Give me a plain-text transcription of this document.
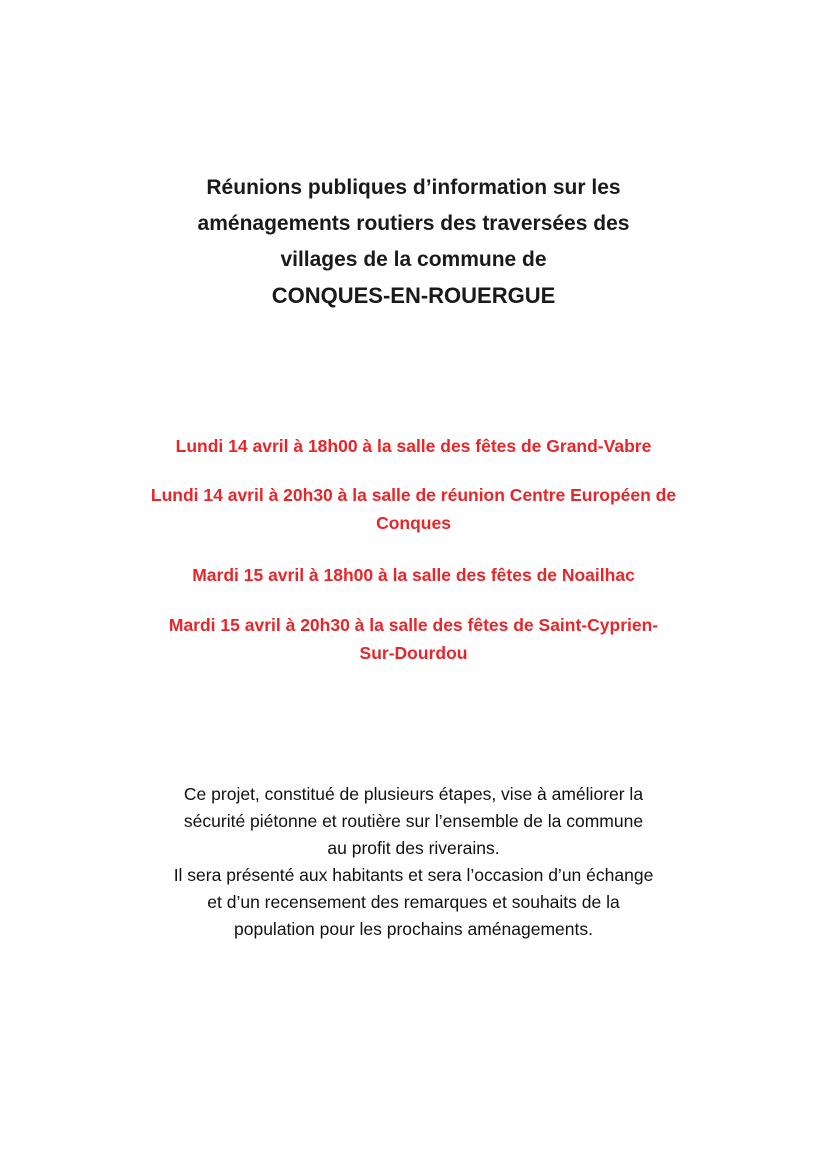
Réunions publiques d’information sur les
aménagements routiers des traversées des
villages de la commune de
CONQUES-EN-ROUERGUE

Lundi 14 avril à 18h00 à la salle des fêtes de Grand-Vabre

Lundi 14 avril à 20h30 à la salle de réunion Centre Européen de
Conques

Mardi 15 avril à 18h00 à la salle des fêtes de Noailhac

Mardi 15 avril à 20h30 à la salle des fêtes de Saint-Cyprien-
Sur-Dourdou

Ce projet, constitué de plusieurs étapes, vise à améliorer la
sécurité piétonne et routière sur l’ensemble de la commune
au profit des riverains.
Il sera présenté aux habitants et sera l’occasion d’un échange
et d’un recensement des remarques et souhaits de la
population pour les prochains aménagements.
